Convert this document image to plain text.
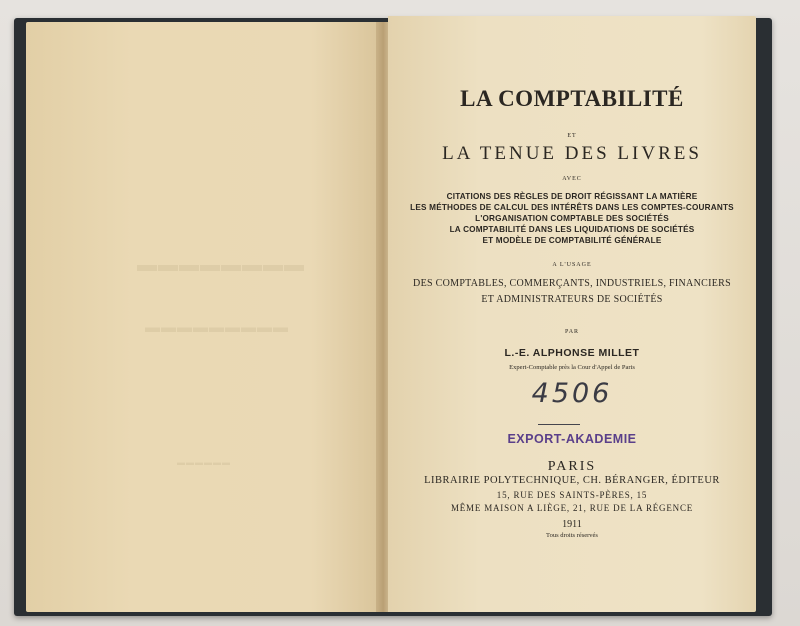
▬▬▬▬▬▬▬▬
▬▬▬▬▬▬▬▬▬
▬▬▬▬▬▬
LA COMPTABILITÉ
ET
LA TENUE DES LIVRES
AVEC
CITATIONS DES RÈGLES DE DROIT RÉGISSANT LA MATIÈRE
LES MÉTHODES DE CALCUL DES INTÉRÊTS DANS LES COMPTES-COURANTS
L'ORGANISATION COMPTABLE DES SOCIÉTÉS
LA COMPTABILITÉ DANS LES LIQUIDATIONS DE SOCIÉTÉS
ET MODÈLE DE COMPTABILITÉ GÉNÉRALE
A L'USAGE
DES COMPTABLES, COMMERÇANTS, INDUSTRIELS, FINANCIERS
ET ADMINISTRATEURS DE SOCIÉTÉS
PAR
L.-E. ALPHONSE MILLET
Expert-Comptable près la Cour d'Appel de Paris
4506
EXPORT-AKADEMIE
PARIS
LIBRAIRIE POLYTECHNIQUE, CH. BÉRANGER, ÉDITEUR
15, RUE DES SAINTS-PÈRES, 15
MÊME MAISON A LIÈGE, 21, RUE DE LA RÉGENCE
1911
Tous droits réservés
